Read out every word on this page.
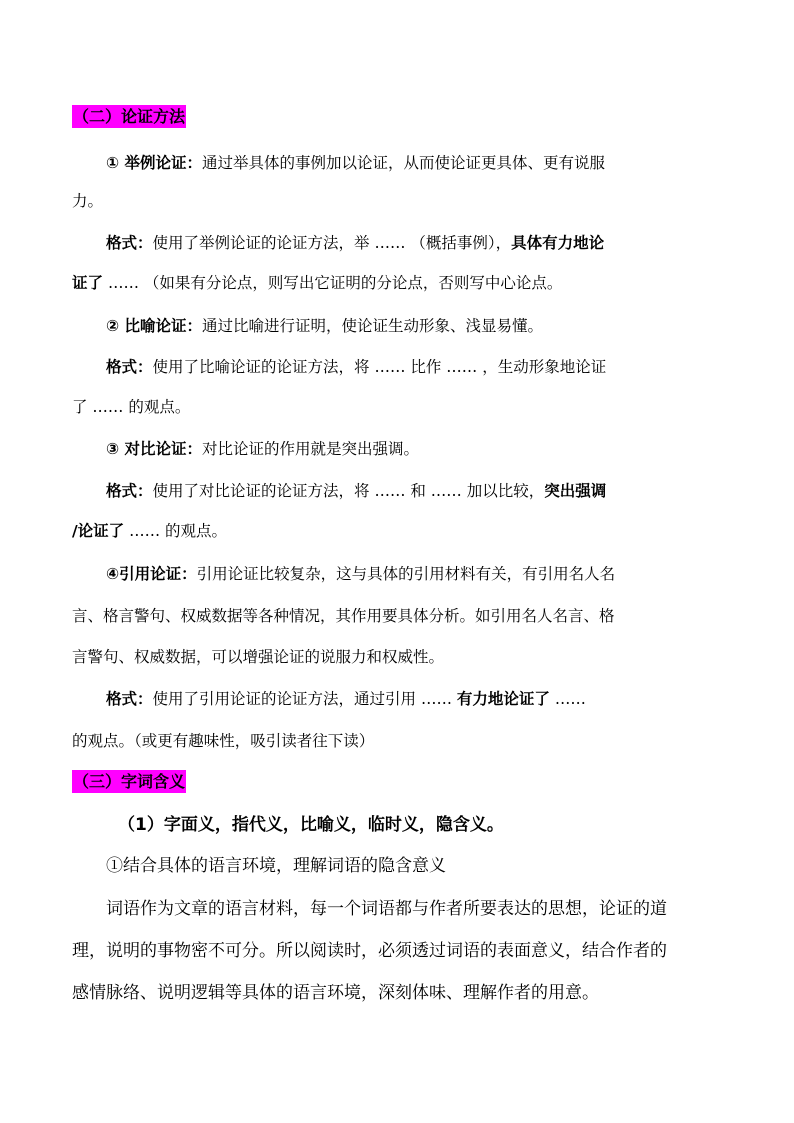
（二）论证方法
① 举例论证：通过举具体的事例加以论证，从而使论证更具体、更有说服
力。
格式：使用了举例论证的论证方法，举 …… （概括事例），具体有力地论
证了 …… （如果有分论点，则写出它证明的分论点，否则写中心论点。
② 比喻论证：通过比喻进行证明，使论证生动形象、浅显易懂。
格式：使用了比喻论证的论证方法，将 …… 比作 …… ，生动形象地论证
了 …… 的观点。
③ 对比论证：对比论证的作用就是突出强调。
格式：使用了对比论证的论证方法，将 …… 和 …… 加以比较，突出强调
/论证了 …… 的观点。
④引用论证：引用论证比较复杂，这与具体的引用材料有关，有引用名人名
言、格言警句、权威数据等各种情况，其作用要具体分析。如引用名人名言、格
言警句、权威数据，可以增强论证的说服力和权威性。
格式：使用了引用论证的论证方法，通过引用 …… 有力地论证了 ……
的观点。（或更有趣味性，吸引读者往下读）
（三）字词含义
（1）字面义，指代义，比喻义，临时义，隐含义。
①结合具体的语言环境，理解词语的隐含意义
词语作为文章的语言材料，每一个词语都与作者所要表达的思想，论证的道
理，说明的事物密不可分。所以阅读时，必须透过词语的表面意义，结合作者的
感情脉络、说明逻辑等具体的语言环境，深刻体味、理解作者的用意。
